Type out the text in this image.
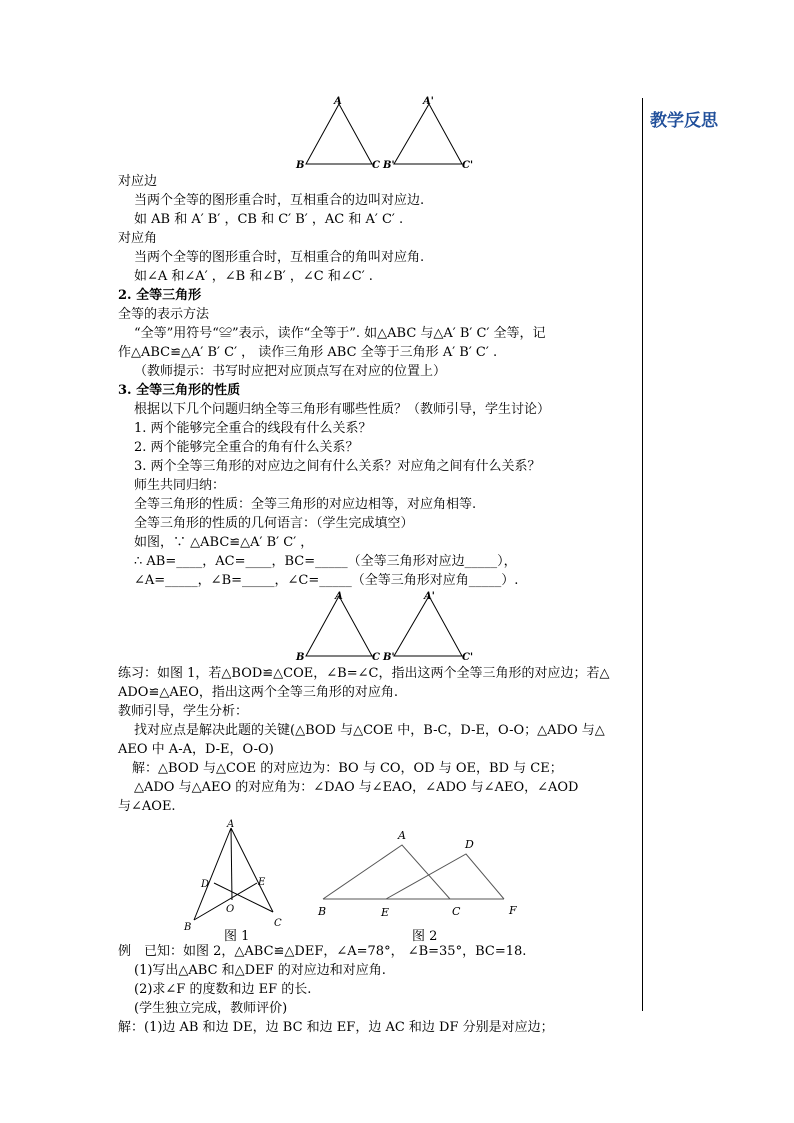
教学反思
A
B	C
A'
B'	C'
对应边
当两个全等的图形重合时，互相重合的边叫对应边.
如 AB 和 A′ B′ ，CB 和 C′ B′ ，AC 和 A′ C′ .
对应角
当两个全等的图形重合时，互相重合的角叫对应角.
如∠A 和∠A′ ，∠B 和∠B′ ，∠C 和∠C′ .
2. 全等三角形
全等的表示方法
“全等”用符号“≌”表示，读作“全等于”. 如△ABC 与△A′ B′ C′ 全等，记
作△ABC≌△A′ B′ C′ ， 读作三角形 ABC 全等于三角形 A′ B′ C′ .
（教师提示：书写时应把对应顶点写在对应的位置上）
3. 全等三角形的性质
根据以下几个问题归纳全等三角形有哪些性质？（教师引导，学生讨论）
1. 两个能够完全重合的线段有什么关系？
2. 两个能够完全重合的角有什么关系？
3. 两个全等三角形的对应边之间有什么关系？对应角之间有什么关系？
师生共同归纳：
全等三角形的性质：全等三角形的对应边相等，对应角相等.
全等三角形的性质的几何语言：（学生完成填空）
如图，∵ △ABC≌△A′ B′ C′ ，
∴ AB=____，AC=____，BC=_____（全等三角形对应边_____），
∠A=_____，∠B=_____，∠C=_____（全等三角形对应角_____）.
A
B	C
A'
B'	C'
练习：如图 1，若△BOD≌△COE，∠B=∠C，指出这两个全等三角形的对应边；若△
ADO≌△AEO，指出这两个全等三角形的对应角.
教师引导，学生分析：
找对应点是解决此题的关键(△BOD 与△COE 中，B-C，D-E，O-O；△ADO 与△
AEO 中 A-A，D-E，O-O)
解：△BOD 与△COE 的对应边为：BO 与 CO，OD 与 OE，BD 与 CE；
△ADO 与△AEO 的对应角为：∠DAO 与∠EAO，∠ADO 与∠AEO，∠AOD
与∠AOE.
A
D	E
O
B	C
A
D
B	E	C	F
图 1	图 2
例　已知：如图 2，△ABC≌△DEF，∠A=78°， ∠B=35°，BC=18.
(1)写出△ABC 和△DEF 的对应边和对应角.
(2)求∠F 的度数和边 EF 的长.
(学生独立完成，教师评价)
解：(1)边 AB 和边 DE，边 BC 和边 EF，边 AC 和边 DF 分别是对应边；
